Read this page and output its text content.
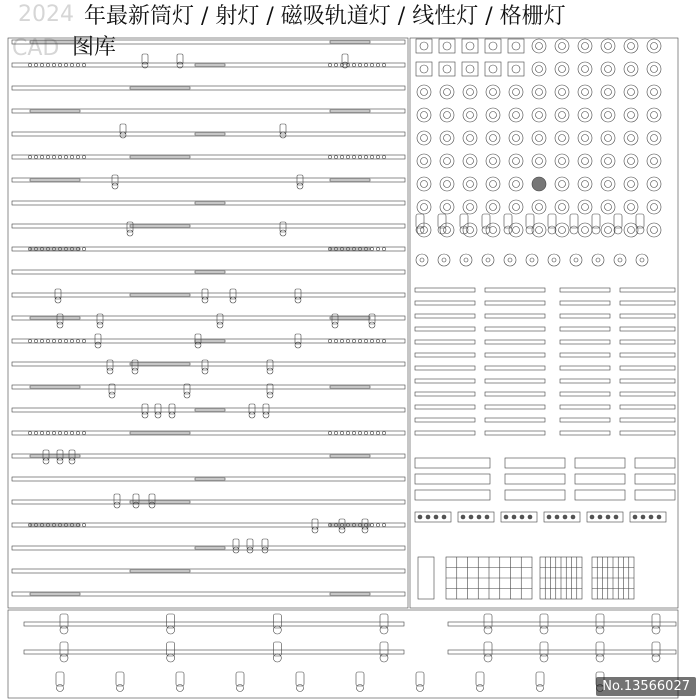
2024 年最新筒灯 / 射灯 / 磁吸轨道灯 / 线性灯 / 格栅灯
CAD 图库
No.13566027
